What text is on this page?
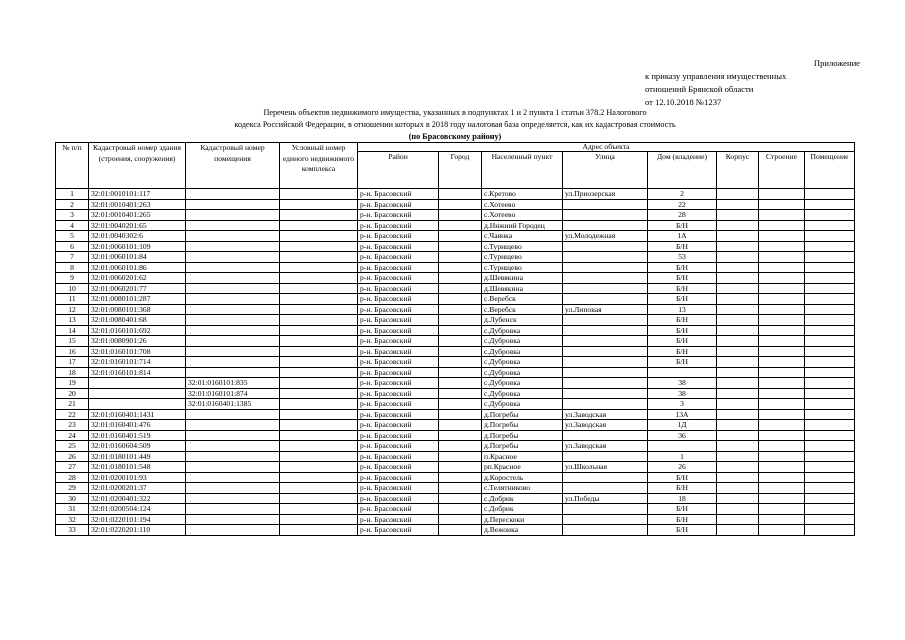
Приложение
к приказу управления имущественных
отношений Брянской области
от 12.10.2018 №1237
Перечень объектов недвижимого имущества, указанных в подпунктах 1 и 2 пункта 1 статьи 378.2 Налогового
кодекса Российской Федерации, в отношении которых в 2018 году налоговая база определяется, как их кадастровая стоимость
(по Брасовскому району)
№ п/п	Кадастровый номер здания (строения, сооружения)	Кадастровый номер помещения	Условный номер единого недвижимого комплекса	Адрес объекта							
				Район	Город	Населенный пункт	Улица	Дом (владение)	Корпус	Строение	Помещение
1	32:01:0010101:117			р-н. Брасовский		с.Кретово	ул.Приозерская	2			
2	32:01:0010401:263			р-н. Брасовский		с.Хотеево		22			
3	32:01:0010401:265			р-н. Брасовский		с.Хотеево		28			
4	32:01:0040201:65			р-н. Брасовский		д.Нижний Городец		Б/Н			
5	32:01:0040302:6			р-н. Брасовский		с.Чаянка	ул.Молодежная	1А			
6	32:01:0060101:109			р-н. Брасовский		с.Турищево		Б/Н			
7	32:01:0060101:84			р-н. Брасовский		с.Турищево		53			
8	32:01:0060101:86			р-н. Брасовский		с.Турищево		Б/Н			
9	32:01:0060201:62			р-н. Брасовский		д.Шевякина		Б/Н			
10	32:01:0060201:77			р-н. Брасовский		д.Шевякина		Б/Н			
11	32:01:0080101:287			р-н. Брасовский		с.Веребск		Б/Н			
12	32:01:0080101:368			р-н. Брасовский		с.Веребск	ул.Липовая	13			
13	32:01:0080401:68			р-н. Брасовский		д.Лубенск		Б/Н			
14	32:01:0160101:692			р-н. Брасовский		с.Дубровка		Б/Н			
15	32:01:0080901:26			р-н. Брасовский		с.Дубровка		Б/Н			
16	32:01:0160101:708			р-н. Брасовский		с.Дубровка		Б/Н			
17	32:01:0160101:714			р-н. Брасовский		с.Дубровка		Б/Н			
18	32:01:0160101:814			р-н. Брасовский		с.Дубровка					
19		32:01:0160101:835		р-н. Брасовский		с.Дубровка		38			
20		32:01:0160101:874		р-н. Брасовский		с.Дубровка		38			
21		32:01:0160401:1385		р-н. Брасовский		с.Дубровка		3			
22	32:01:0160401:1431			р-н. Брасовский		д.Погребы	ул.Заводская	13А			
23	32:01:0160401:476			р-н. Брасовский		д.Погребы	ул.Заводская	1Д			
24	32:01:0160401:519			р-н. Брасовский		д.Погребы		36			
25	32:01:0160604:509			р-н. Брасовский		д.Погребы	ул.Заводская				
26	32:01:0180101:449			р-н. Брасовский		п.Красное		1			
27	32:01:0180101:548			р-н. Брасовский		рп.Красное	ул.Школьная	26			
28	32:01:0200101:93			р-н. Брасовский		д.Коростель		Б/Н			
29	32:01:0200201:37			р-н. Брасовский		с.Телятниково		Б/Н			
30	32:01:0200401:322			р-н. Брасовский		с.Добрик	ул.Победы	18			
31	32:01:0200504:124			р-н. Брасовский		с.Добрик		Б/Н			
32	32:01:0220101:194			р-н. Брасовский		д.Перескоки		Б/Н			
33	32:01:0220201:110			р-н. Брасовский		д.Вежонка		Б/Н			
